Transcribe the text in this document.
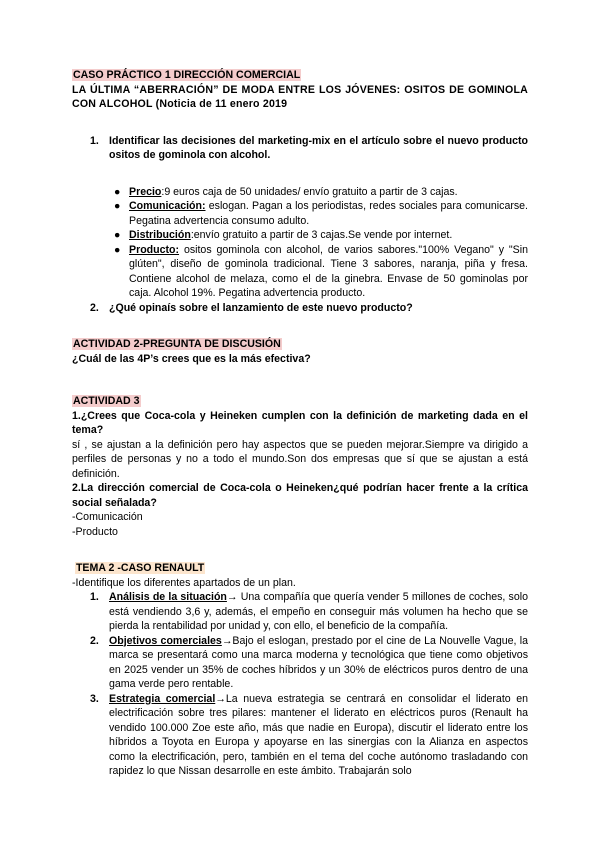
CASO PRÁCTICO 1 DIRECCIÓN COMERCIAL

LA ÚLTIMA “ABERRACIÓN” DE MODA ENTRE LOS JÓVENES: OSITOS DE GOMINOLA CON ALCOHOL (Noticia de 11 enero 2019

1. Identificar las decisiones del marketing-mix en el artículo sobre el nuevo producto ositos de gominola con alcohol.
● Precio:9 euros caja de 50 unidades/ envío gratuito a partir de 3 cajas.
● Comunicación: eslogan. Pagan a los periodistas, redes sociales para comunicarse. Pegatina advertencia consumo adulto.
● Distribución:envío gratuito a partir de 3 cajas.Se vende por internet.
● Producto: ositos gominola con alcohol, de varios sabores."100% Vegano" y "Sin glúten", diseño de gominola tradicional. Tiene 3 sabores, naranja, piña y fresa. Contiene alcohol de melaza, como el de la ginebra. Envase de 50 gominolas por caja. Alcohol 19%. Pegatina advertencia producto.
2. ¿Qué opinaís sobre el lanzamiento de este nuevo producto?

ACTIVIDAD 2-PREGUNTA DE DISCUSIÓN

¿Cuál de las 4P’s crees que es la más efectiva?

ACTIVIDAD 3

1.¿Crees que Coca-cola y Heineken cumplen con la definición de marketing dada en el tema?

sí , se ajustan a la definición pero hay aspectos que se pueden mejorar.Siempre va dirigido a perfiles de personas y no a todo el mundo.Son dos empresas que sí que se ajustan a está definición.

2.La dirección comercial de Coca-cola o Heineken¿qué podrían hacer frente a la crítica social señalada?

-Comunicación

-Producto

TEMA 2 -CASO RENAULT

-Identifique los diferentes apartados de un plan.

1. Análisis de la situación→ Una compañía que quería vender 5 millones de coches, solo está vendiendo 3,6 y, además, el empeño en conseguir más volumen ha hecho que se pierda la rentabilidad por unidad y, con ello, el beneficio de la compañía.
2. Objetivos comerciales→Bajo el eslogan, prestado por el cine de La Nouvelle Vague, la marca se presentará como una marca moderna y tecnológica que tiene como objetivos en 2025 vender un 35% de coches híbridos y un 30% de eléctricos puros dentro de una gama verde pero rentable.
3. Estrategia comercial→La nueva estrategia se centrará en consolidar el liderato en electrificación sobre tres pilares: mantener el liderato en eléctricos puros (Renault ha vendido 100.000 Zoe este año, más que nadie en Europa), discutir el liderato entre los híbridos a Toyota en Europa y apoyarse en las sinergias con la Alianza en aspectos como la electrificación, pero, también en el tema del coche autónomo trasladando con rapidez lo que Nissan desarrolle en este ámbito. Trabajarán solo
